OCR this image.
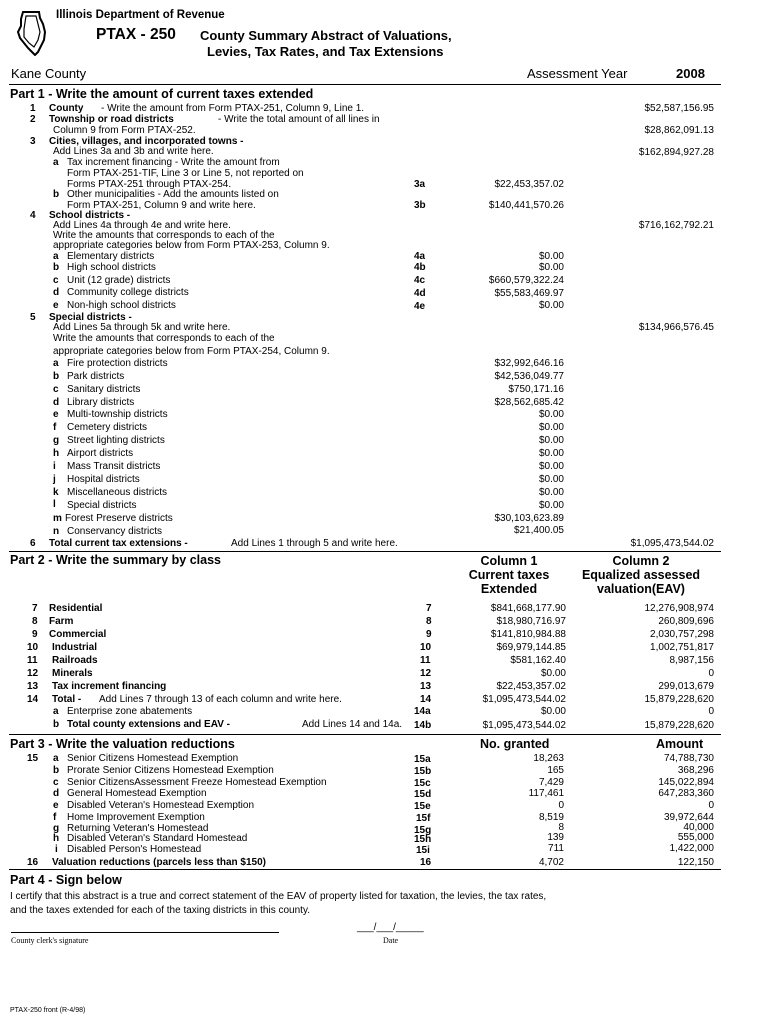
Illinois Department of Revenue
PTAX - 250 County Summary Abstract of Valuations,
Levies, Tax Rates, and Tax Extensions
Kane County	Assessment Year	2008
Part 1 - Write the amount of current taxes extended
1 County - Write the amount from Form PTAX-251, Column 9, Line 1.	$52,587,156.95
2 Township or road districts	- Write the total amount of all lines in
Column 9 from Form PTAX-252.	$28,862,091.13
3 Cities, villages, and incorporated towns -
Add Lines 3a and 3b and write here.	$162,894,927.28
a Tax increment financing - Write the amount from
Form PTAX-251-TIF, Line 3 or Line 5, not reported on
Forms PTAX-251 through PTAX-254.	3a	$22,453,357.02
b Other municipalities - Add the amounts listed on
Form PTAX-251, Column 9 and write here.	3b	$140,441,570.26
4 School districts -
Add Lines 4a through 4e and write here.	$716,162,792.21
Write the amounts that corresponds to each of the
appropriate categories below from Form PTAX-253, Column 9.
a Elementary districts	4a	$0.00
b High school districts	4b	$0.00
c Unit (12 grade) districts	4c	$660,579,322.24
d Community college districts	4d	$55,583,469.97
e Non-high school districts	4e	$0.00
5 Special districts -
Add Lines 5a through 5k and write here.	$134,966,576.45
Write the amounts that corresponds to each of the
appropriate categories below from Form PTAX-254, Column 9.
a Fire protection districts	$32,992,646.16
b Park districts	$42,536,049.77
c Sanitary districts	$750,171.16
d Library districts	$28,562,685.42
e Multi-township districts	$0.00
f Cemetery districts	$0.00
g Street lighting districts	$0.00
h Airport districts	$0.00
i Mass Transit districts	$0.00
j Hospital districts	$0.00
k Miscellaneous districts	$0.00
l Special districts	$0.00
m Forest Preserve districts	$30,103,623.89
n Conservancy districts	$21,400.05
6 Total current tax extensions -	Add Lines 1 through 5 and write here.	$1,095,473,544.02
Part 2 - Write the summary by class	Column 1
Current taxes
Extended
Column 2
Equalized assessed
valuation(EAV)
7 Residential	7	$841,668,177.90	12,276,908,974
8 Farm	8	$18,980,716.97	260,809,696
9 Commercial	9	$141,810,984.88	2,030,757,298
10 Industrial	10	$69,979,144.85	1,002,751,817
11 Railroads	11	$581,162.40	8,987,156
12 Minerals	12	$0.00	0
13 Tax increment financing	13	$22,453,357.02	299,013,679
14 Total - Add Lines 7 through 13 of each column and write here.	14	$1,095,473,544.02	15,879,228,620
a Enterprise zone abatements	14a	$0.00	0
b Total county extensions and EAV -	Add Lines 14 and 14a. 14b	$1,095,473,544.02	15,879,228,620
Part 3 - Write the valuation reductions	No. granted	Amount
15 a Senior Citizens Homestead Exemption	15a	18,263	74,788,730
b Prorate Senior Citizens Homestead Exemption	15b	165	368,296
c Senior CitizensAssessment Freeze Homestead Exemption	15c	7,429	145,022,894
d General Homestead Exemption	15d	117,461	647,283,360
e Disabled Veteran's Homestead Exemption	15e	0	0
f Home Improvement Exemption	15f	8,519	39,972,644
g Returning Veteran's Homestead	15g	8	40,000
h Disabled Veteran's Standard Homestead	15h	139	555,000
i Disabled Person's Homestead	15i	711	1,422,000
16 Valuation reductions (parcels less than $150)	16	4,702	122,150
Part 4 - Sign below
I certify that this abstract is a true and correct statement of the EAV of property listed for taxation, the levies, the tax rates,
and the taxes extended for each of the taxing districts in this county.
___/___/_____
County clerk's signature	Date
PTAX-250 front (R-4/98)
